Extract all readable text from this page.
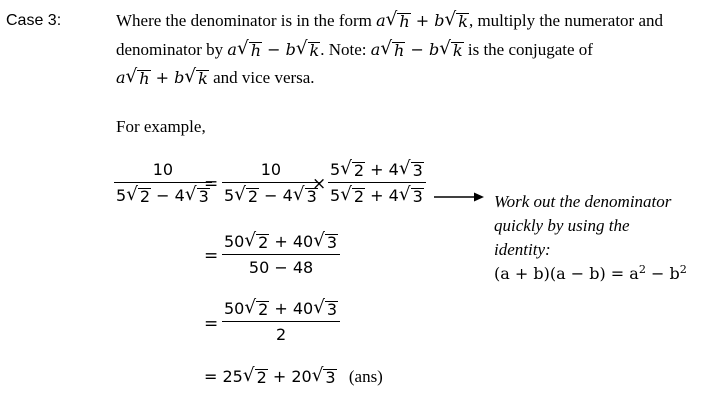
Case 3:	Where the denominator is in the form a √ h + b √ k , multiply the numerator and
denominator by a √ h − b √ k . Note: a √ h − b √ k is the conjugate of
a √ h + b √ k and vice versa.
For example,
10
5 √ 2 − 4 √ 3
=
10
5 √ 2 − 4 √ 3
×
5 √ 2 + 4 √ 3
5 √ 2 + 4 √ 3	Work out the denominator
quickly by using the
identity:
$(a + b)(a - b) = a^2 - b^2$
=
50 √ 2 + 40 √ 3
50 − 48
=
50 √ 2 + 40 √ 3
2
= 25 √ 2 + 20 √ 3 (ans)
